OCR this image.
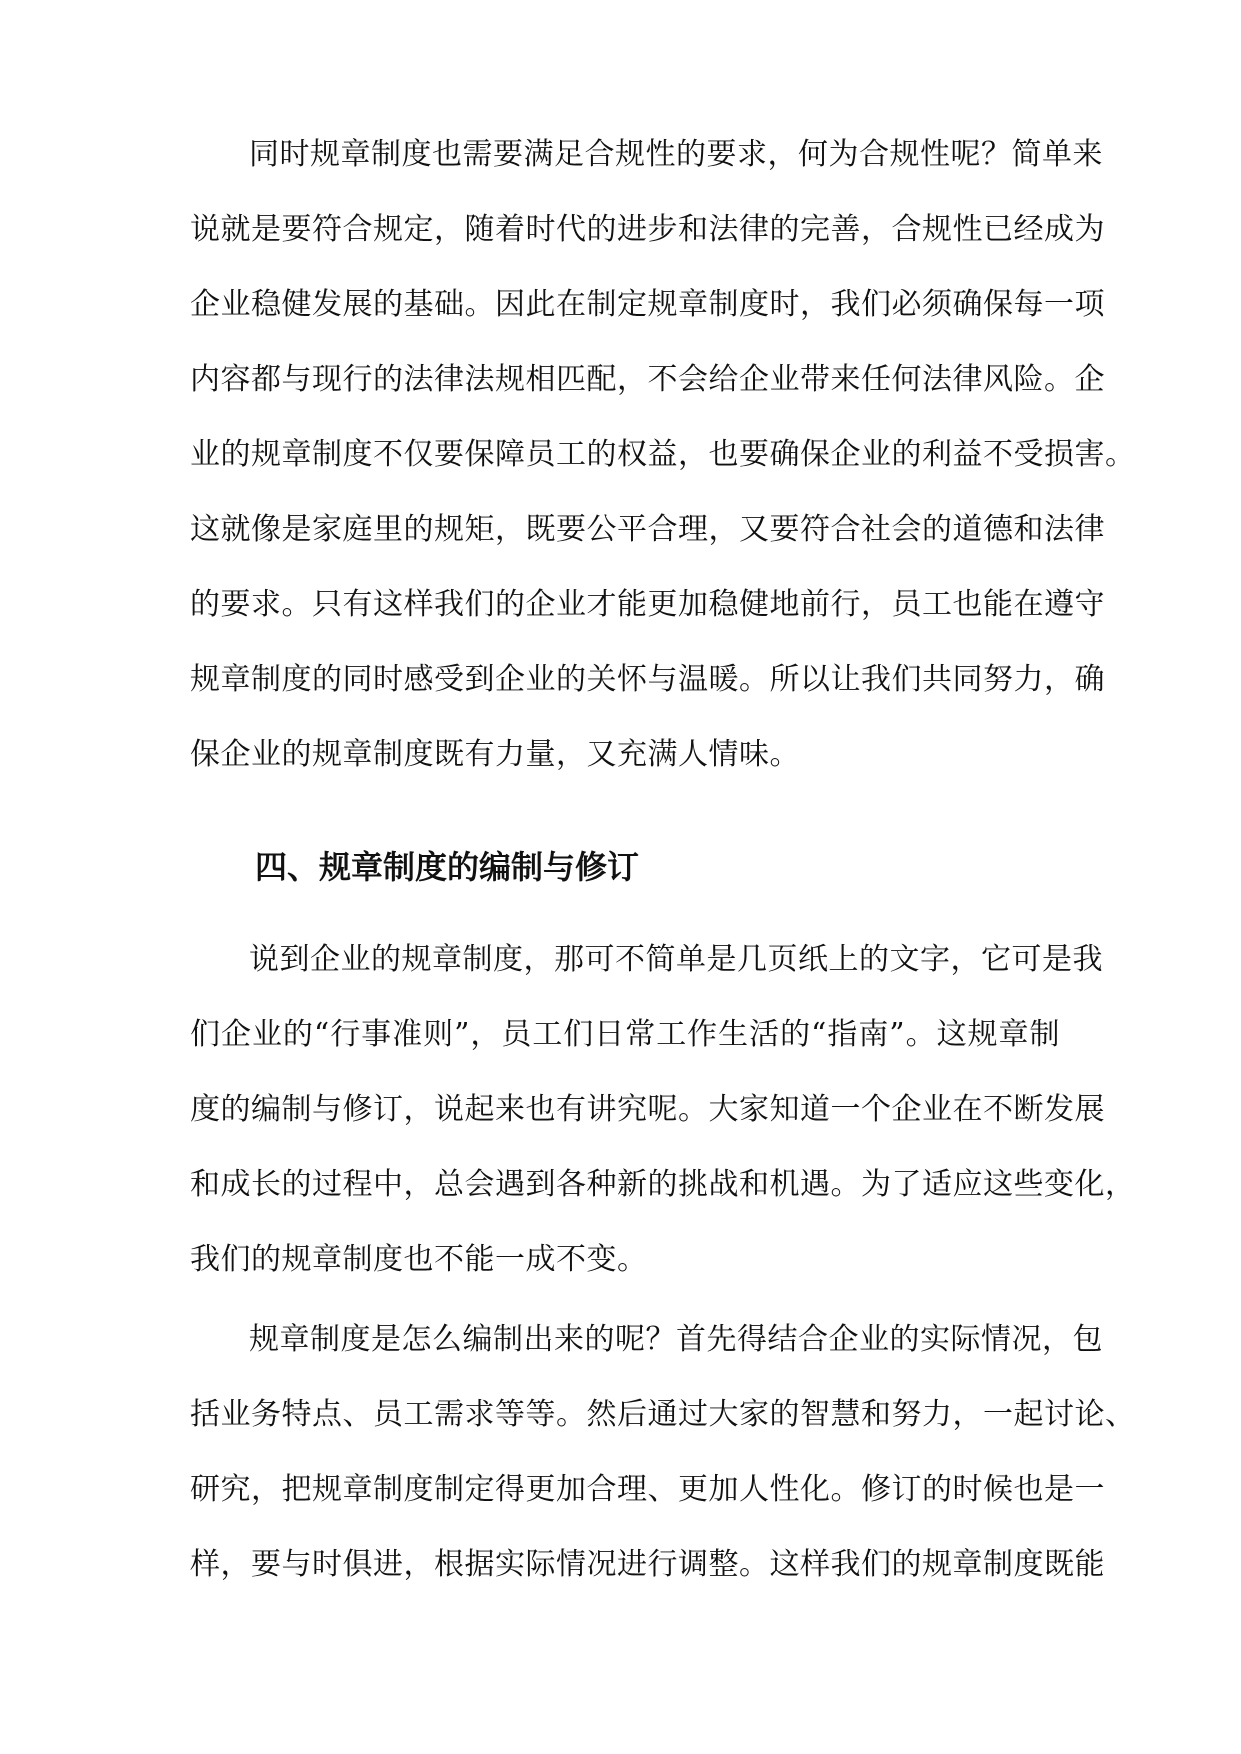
同时规章制度也需要满足合规性的要求，何为合规性呢？简单来
说就是要符合规定，随着时代的进步和法律的完善，合规性已经成为
企业稳健发展的基础。因此在制定规章制度时，我们必须确保每一项
内容都与现行的法律法规相匹配，不会给企业带来任何法律风险。企
业的规章制度不仅要保障员工的权益，也要确保企业的利益不受损害。
这就像是家庭里的规矩，既要公平合理，又要符合社会的道德和法律
的要求。只有这样我们的企业才能更加稳健地前行，员工也能在遵守
规章制度的同时感受到企业的关怀与温暖。所以让我们共同努力，确
保企业的规章制度既有力量，又充满人情味。
四、规章制度的编制与修订
说到企业的规章制度，那可不简单是几页纸上的文字，它可是我
们企业的“行事准则”，员工们日常工作生活的“指南”。这规章制
度的编制与修订，说起来也有讲究呢。大家知道一个企业在不断发展
和成长的过程中，总会遇到各种新的挑战和机遇。为了适应这些变化，
我们的规章制度也不能一成不变。
规章制度是怎么编制出来的呢？首先得结合企业的实际情况，包
括业务特点、员工需求等等。然后通过大家的智慧和努力，一起讨论、
研究，把规章制度制定得更加合理、更加人性化。修订的时候也是一
样，要与时俱进，根据实际情况进行调整。这样我们的规章制度既能
